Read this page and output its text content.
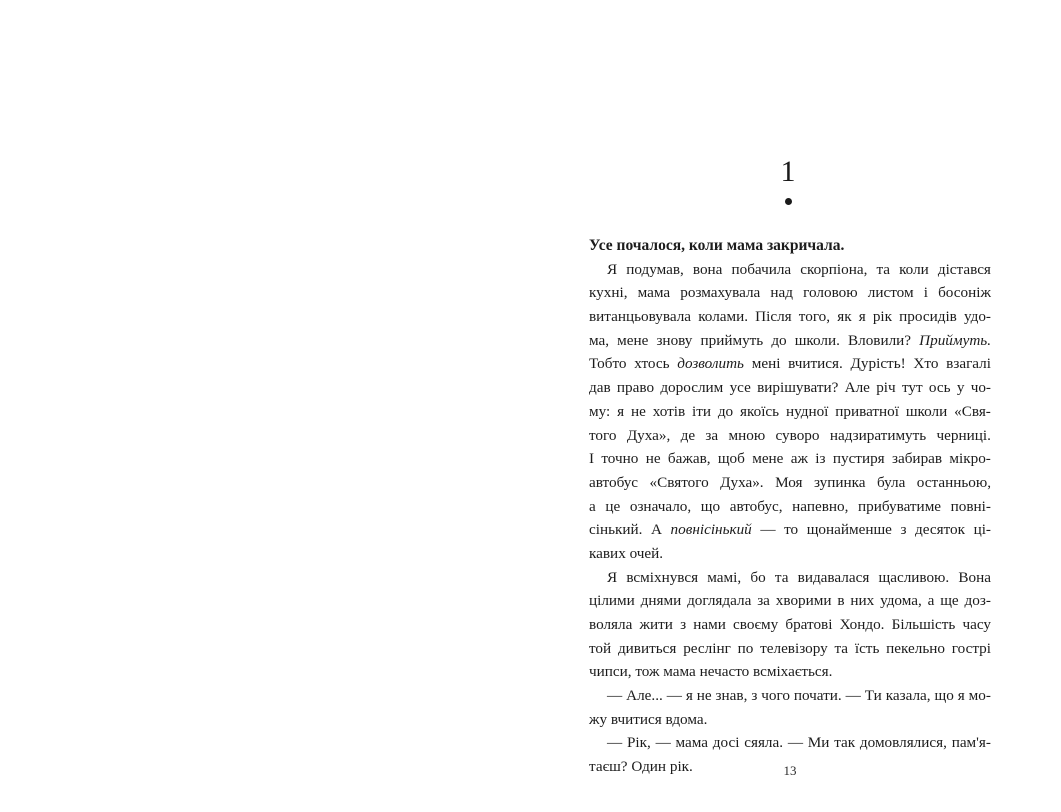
1
Усе почалося, коли мама закричала.
Я подумав, вона побачила скорпіона, та коли дістався
кухні, мама розмахувала над головою листом і босоніж
витанцьовувала колами. Після того, як я рік просидів удо-
ма, мене знову приймуть до школи. Вловили? Приймуть.
Тобто хтось дозволить мені вчитися. Дурість! Хто взагалі
дав право дорослим усе вирішувати? Але річ тут ось у чо-
му: я не хотів іти до якоїсь нудної приватної школи «Свя-
того Духа», де за мною суворо надзиратимуть черниці.
І точно не бажав, щоб мене аж із пустиря забирав мікро-
автобус «Святого Духа». Моя зупинка була останньою,
а це означало, що автобус, напевно, прибуватиме повні-
сінький. А повнісінький — то щонайменше з десяток ці-
кавих очей.
Я всміхнувся мамі, бо та видавалася щасливою. Вона
цілими днями доглядала за хворими в них удома, а ще доз-
воляла жити з нами своєму братові Хондо. Більшість часу
той дивиться реслінг по телевізору та їсть пекельно гострі
чипси, тож мама нечасто всміхається.
— Але... — я не знав, з чого почати. — Ти казала, що я мо-
жу вчитися вдома.
— Рік, — мама досі сяяла. — Ми так домовлялися, пам'я-
таєш? Один рік.	13
